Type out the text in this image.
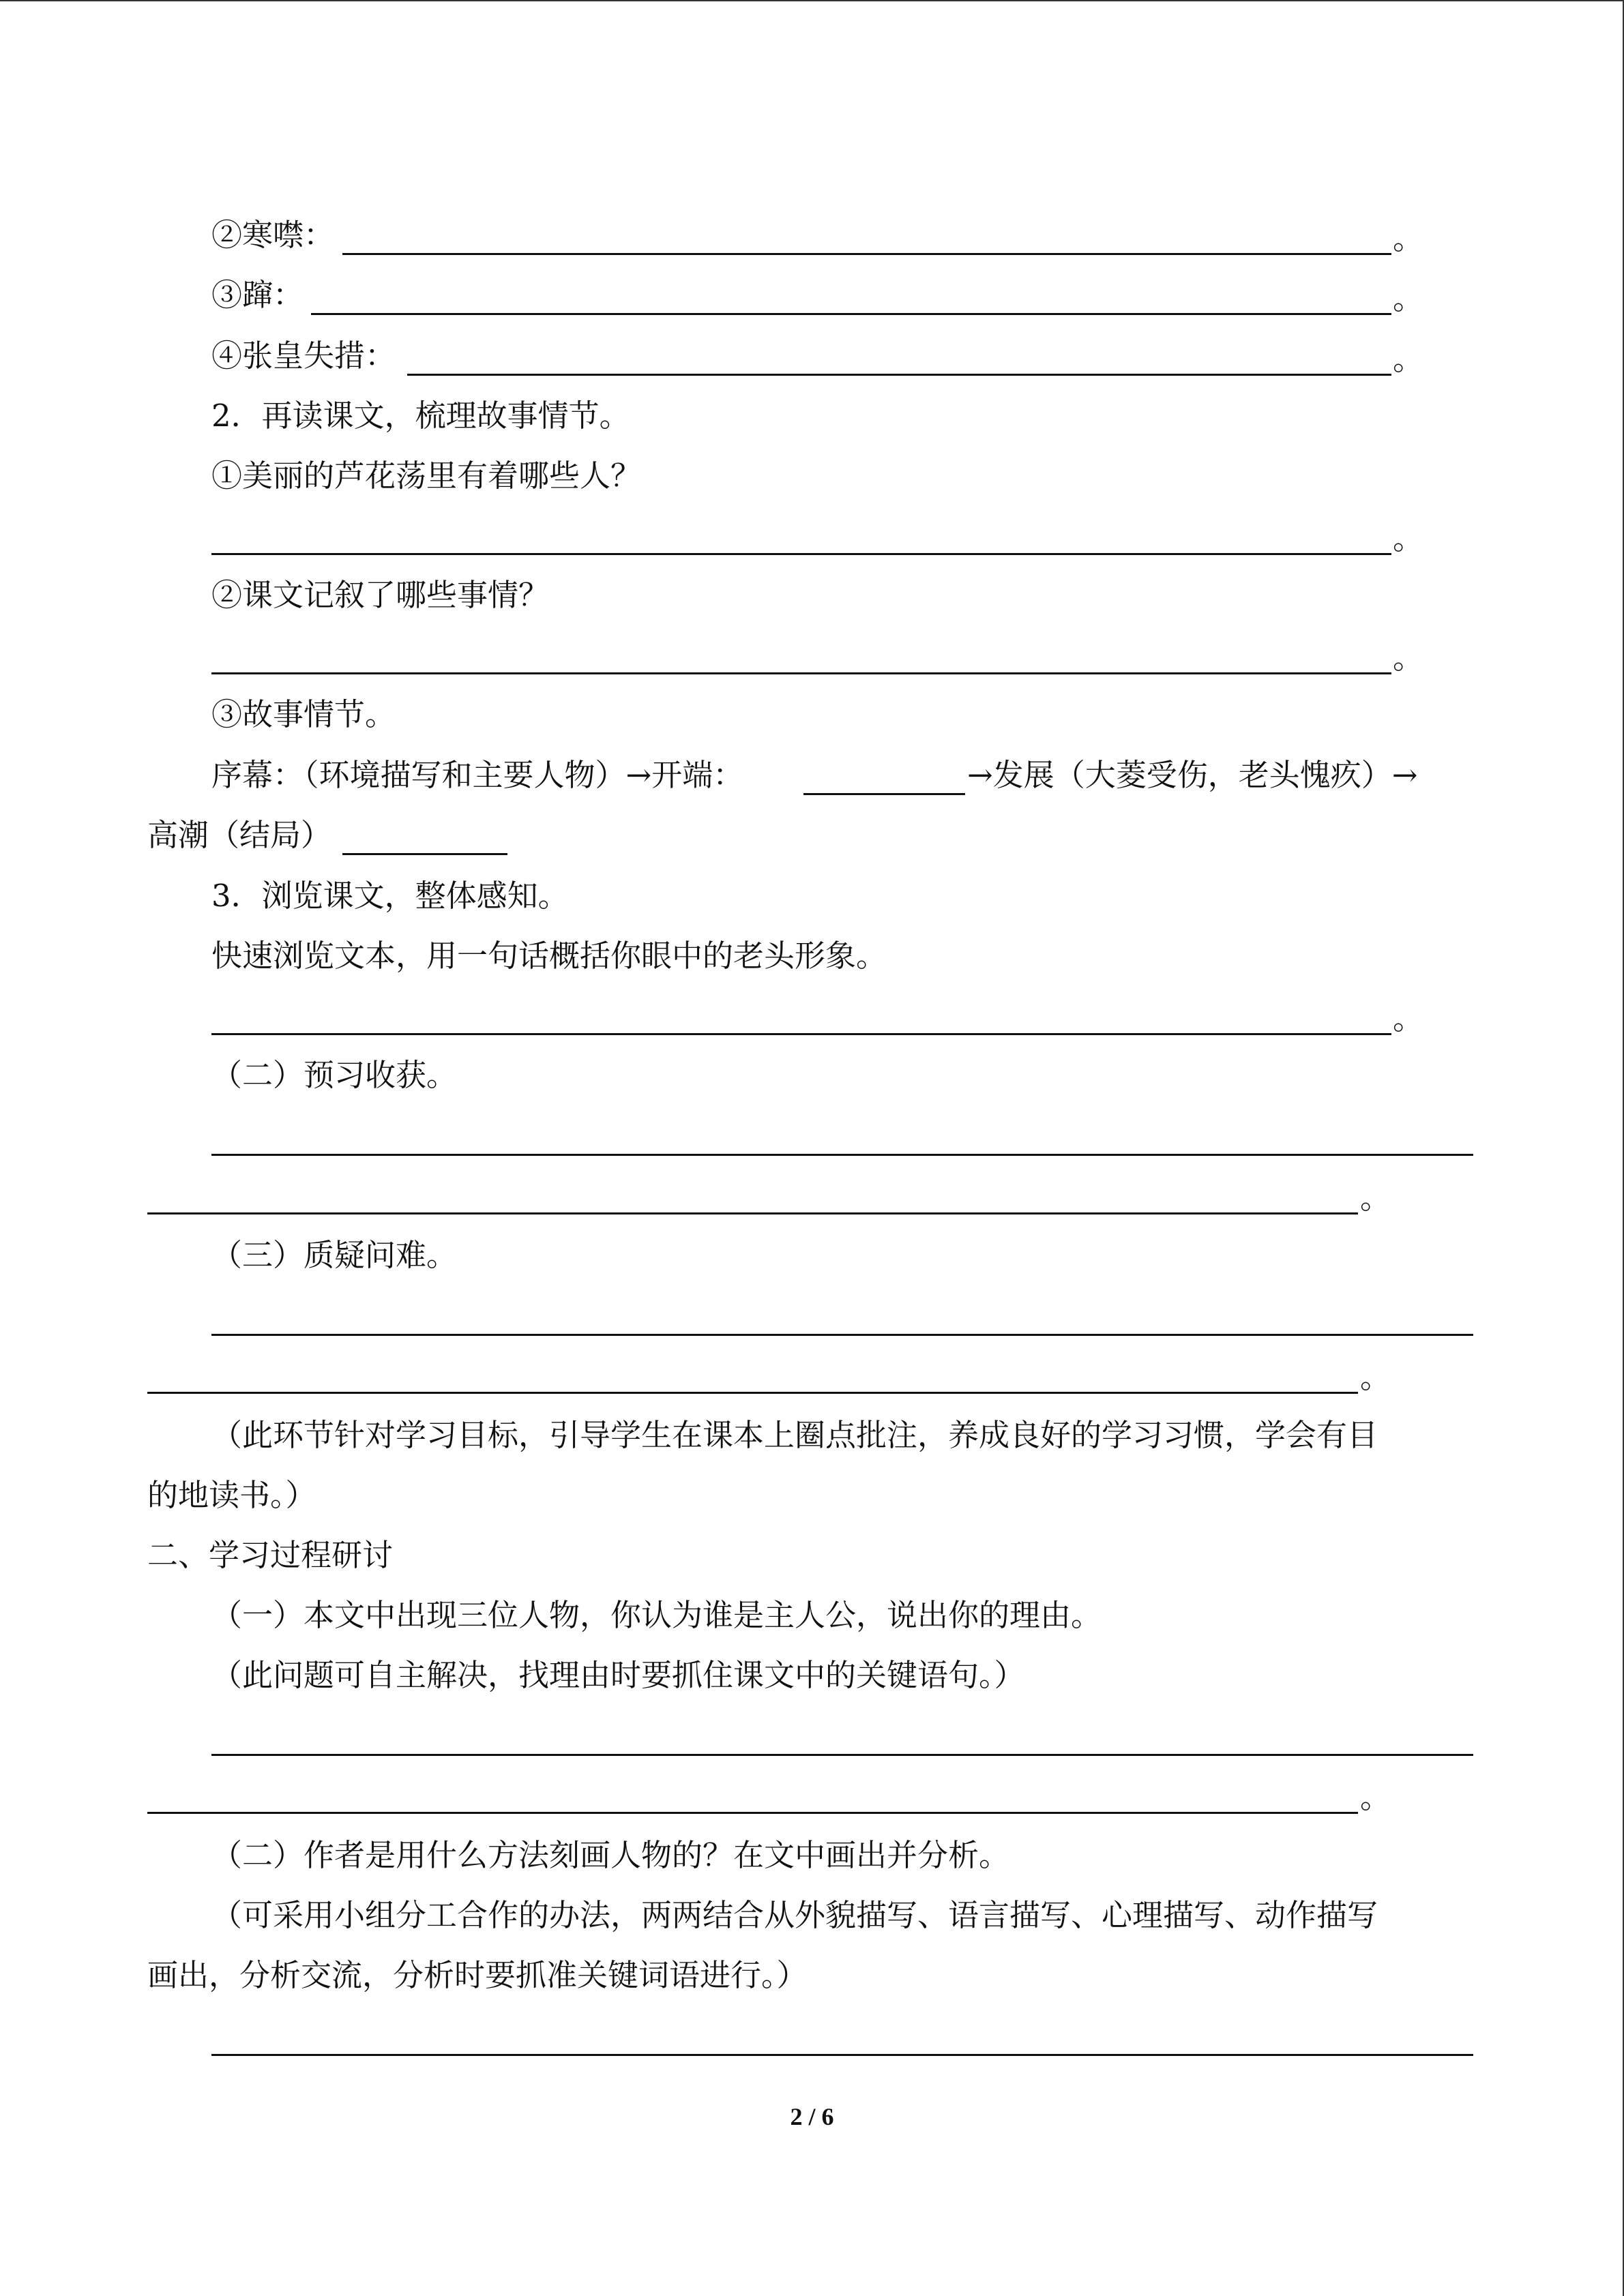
②寒噤：	。
③蹿：	。
④张皇失措：	。
2．再读课文，梳理故事情节。
①美丽的芦花荡里有着哪些人？
。
②课文记叙了哪些事情？
。
③故事情节。
序幕：（环境描写和主要人物）→开端：	→发展（大菱受伤，老头愧疚）→
高潮（结局）
3．浏览课文，整体感知。
快速浏览文本，用一句话概括你眼中的老头形象。
。
（二）预习收获。
。
（三）质疑问难。
。
（此环节针对学习目标，引导学生在课本上圈点批注，养成良好的学习习惯，学会有目
的地读书。）
二、学习过程研讨
（一）本文中出现三位人物，你认为谁是主人公，说出你的理由。
（此问题可自主解决，找理由时要抓住课文中的关键语句。）
。
（二）作者是用什么方法刻画人物的？在文中画出并分析。
（可采用小组分工合作的办法，两两结合从外貌描写、语言描写、心理描写、动作描写
画出，分析交流，分析时要抓准关键词语进行。）
2 / 6
